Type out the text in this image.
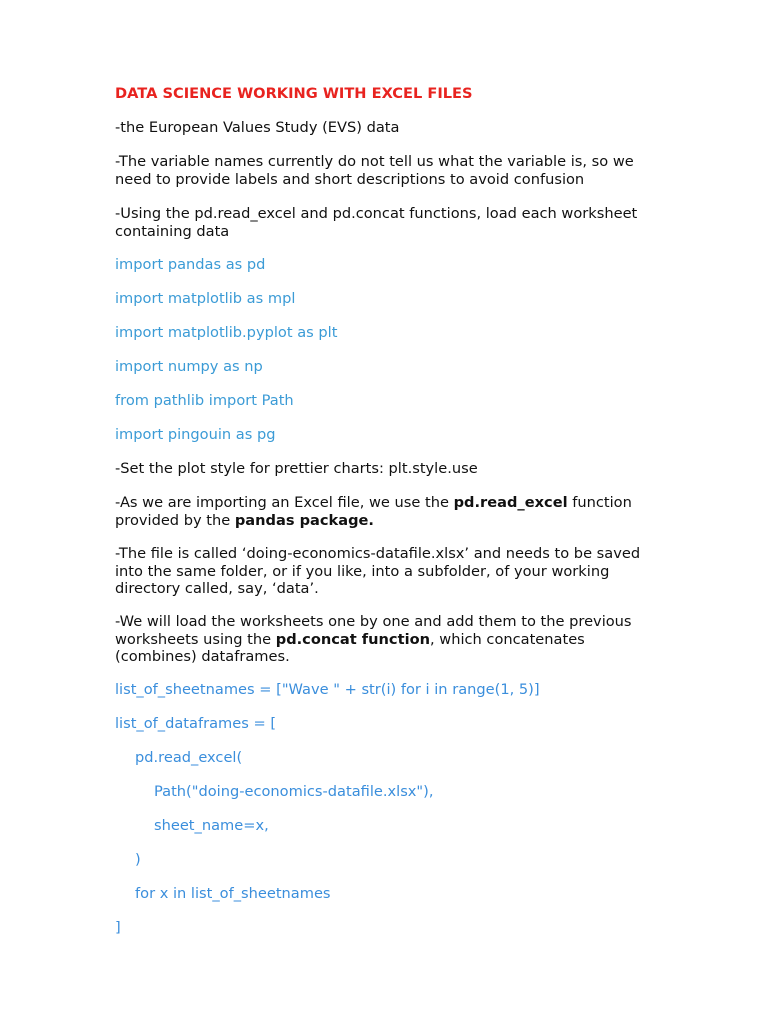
DATA SCIENCE WORKING WITH EXCEL FILES
-the European Values Study (EVS) data
-The variable names currently do not tell us what the variable is, so we
need to provide labels and short descriptions to avoid confusion
-Using the pd.read_excel and pd.concat functions, load each worksheet
containing data
import pandas as pd
import matplotlib as mpl
import matplotlib.pyplot as plt
import numpy as np
from pathlib import Path
import pingouin as pg
-Set the plot style for prettier charts: plt.style.use
-As we are importing an Excel file, we use the pd.read_excel function
provided by the pandas package.
-The file is called ‘doing-economics-datafile.xlsx’ and needs to be saved
into the same folder, or if you like, into a subfolder, of your working
directory called, say, ‘data’.
-We will load the worksheets one by one and add them to the previous
worksheets using the pd.concat function, which concatenates
(combines) dataframes.
list_of_sheetnames = ["Wave " + str(i) for i in range(1, 5)]
list_of_dataframes = [
pd.read_excel(
Path("doing-economics-datafile.xlsx"),
sheet_name=x,
)
for x in list_of_sheetnames
]
